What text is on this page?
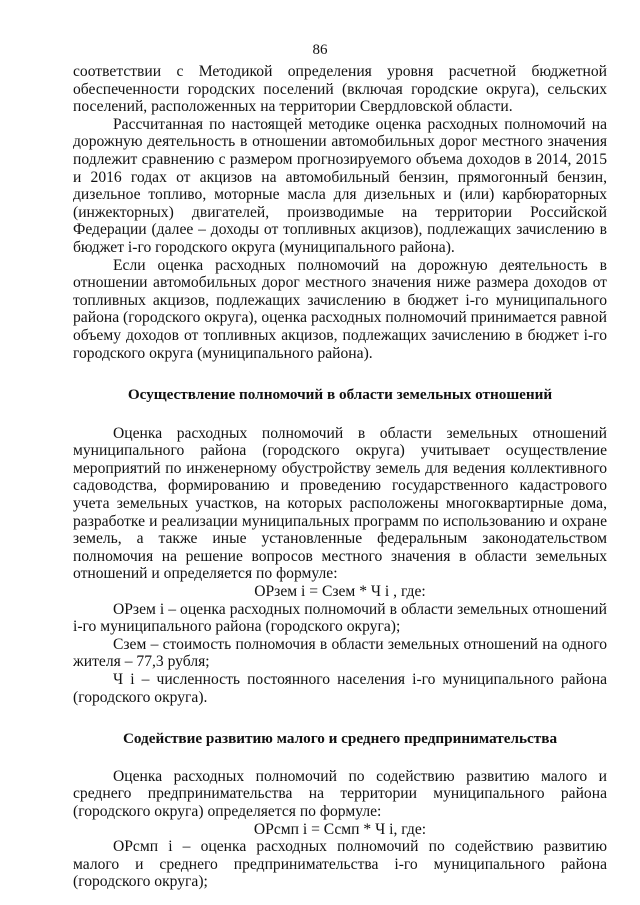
86

соответствии с Методикой определения уровня расчетной бюджетной обеспеченности городских поселений (включая городские округа), сельских поселений, расположенных на территории Свердловской области.

Рассчитанная по настоящей методике оценка расходных полномочий на дорожную деятельность в отношении автомобильных дорог местного значения подлежит сравнению с размером прогнозируемого объема доходов в 2014, 2015 и 2016 годах от акцизов на автомобильный бензин, прямогонный бензин, дизельное топливо, моторные масла для дизельных и (или) карбюраторных (инжекторных) двигателей, производимые на территории Российской Федерации (далее – доходы от топливных акцизов), подлежащих зачислению в бюджет i-го городского округа (муниципального района).

Если оценка расходных полномочий на дорожную деятельность в отношении автомобильных дорог местного значения ниже размера доходов от топливных акцизов, подлежащих зачислению в бюджет i-го муниципального района (городского округа), оценка расходных полномочий принимается равной объему доходов от топливных акцизов, подлежащих зачислению в бюджет i-го городского округа (муниципального района).

Осуществление полномочий в области земельных отношений

Оценка расходных полномочий в области земельных отношений муниципального района (городского округа) учитывает осуществление мероприятий по инженерному обустройству земель для ведения коллективного садоводства, формированию и проведению государственного кадастрового учета земельных участков, на которых расположены многоквартирные дома, разработке и реализации муниципальных программ по использованию и охране земель, а также иные установленные федеральным законодательством полномочия на решение вопросов местного значения в области земельных отношений и определяется по формуле:

ОРзем i = Сзем * Ч i , где:

ОРзем i – оценка расходных полномочий в области земельных отношений i-го муниципального района (городского округа);

Сзем – стоимость полномочия в области земельных отношений на одного жителя – 77,3 рубля;

Ч i – численность постоянного населения i-го муниципального района (городского округа).

Содействие развитию малого и среднего предпринимательства

Оценка расходных полномочий по содействию развитию малого и среднего предпринимательства на территории муниципального района (городского округа) определяется по формуле:

ОРсмп i = Ссмп * Ч i, где:

ОРсмп i – оценка расходных полномочий по содействию развитию малого и среднего предпринимательства i-го муниципального района (городского округа);
